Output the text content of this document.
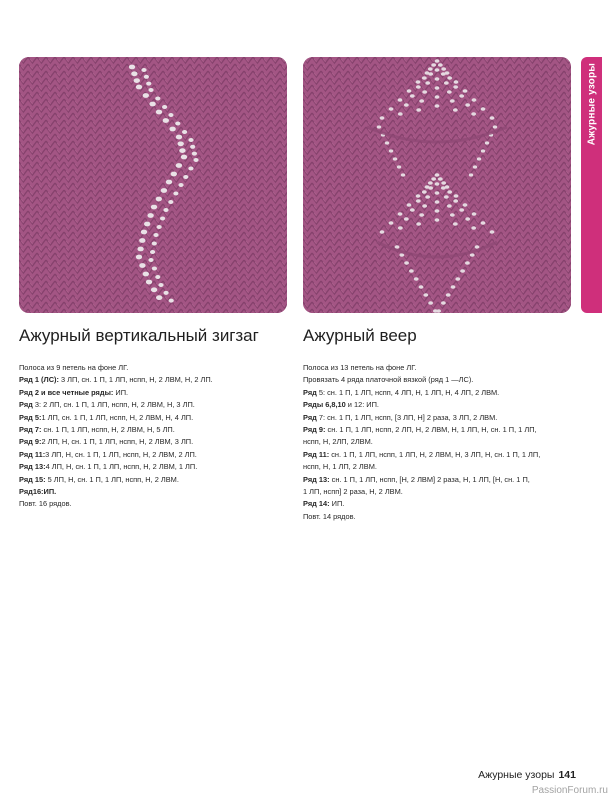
Ажурные узоры
Ажурный вертикальный зигзаг
Полоса из 9 петель на фоне ЛГ.
Ряд 1 (ЛС): 3 ЛП, сн. 1 П, 1 ЛП, нспп, Н, 2 ЛВМ, Н, 2 ЛП.
Ряд 2 и все четные ряды: ИП.
Ряд 3: 2 ЛП, сн. 1 П, 1 ЛП, нспп, Н, 2 ЛВМ, Н, 3 ЛП.
Ряд 5:1 ЛП, сн. 1 П, 1 ЛП, нспп, Н, 2 ЛВМ, Н, 4 ЛП.
Ряд 7: сн. 1 П, 1 ЛП, нспп, Н, 2 ЛВМ, Н, 5 ЛП.
Ряд 9:2 ЛП, Н, сн. 1 П, 1 ЛП, нспп, Н, 2 ЛВМ, 3 ЛП.
Ряд 11:3 ЛП, Н, сн. 1 П, 1 ЛП, нспп, Н, 2 ЛВМ, 2 ЛП.
Ряд 13:4 ЛП, Н, сн. 1 П, 1 ЛП, нспп, Н, 2 ЛВМ, 1 ЛП.
Ряд 15: 5 ЛП, Н, сн. 1 П, 1 ЛП, нспп, Н, 2 ЛВМ.
Ряд16:ИП.
Повт. 16 рядов.
Ажурный веер
Полоса из 13 петель на фоне ЛГ.
Провязать 4 ряда платочной вязкой (ряд 1 —ЛС).
Ряд 5: сн. 1 П, 1 ЛП, нспп, 4 ЛП, Н, 1 ЛП, Н, 4 ЛП, 2 ЛВМ.
Ряды 6,8,10 и 12: ИП.
Ряд 7: сн. 1 П, 1 ЛП, нспп, [3 ЛП, Н] 2 раза, 3 ЛП, 2 ЛВМ.
Ряд 9: сн. 1 П, 1 ЛП, нспп, 2 ЛП, Н, 2 ЛВМ, Н, 1 ЛП, Н, сн. 1 П, 1 ЛП,
нспп, Н, 2ЛП, 2ЛВМ.
Ряд 11: сн. 1 П, 1 ЛП, нспп, 1 ЛП, Н, 2 ЛВМ, Н, 3 ЛП, Н, сн. 1 П, 1 ЛП,
нспп, Н, 1 ЛП, 2 ЛВМ.
Ряд 13: сн. 1 П, 1 ЛП, нспп, [Н, 2 ЛВМ] 2 раза, Н, 1 ЛП, [Н, сн. 1 П,
1 ЛП, нспп] 2 раза, Н, 2 ЛВМ.
Ряд 14: ИП.
Повт. 14 рядов.
Ажурные узоры 141
PassionForum.ru
